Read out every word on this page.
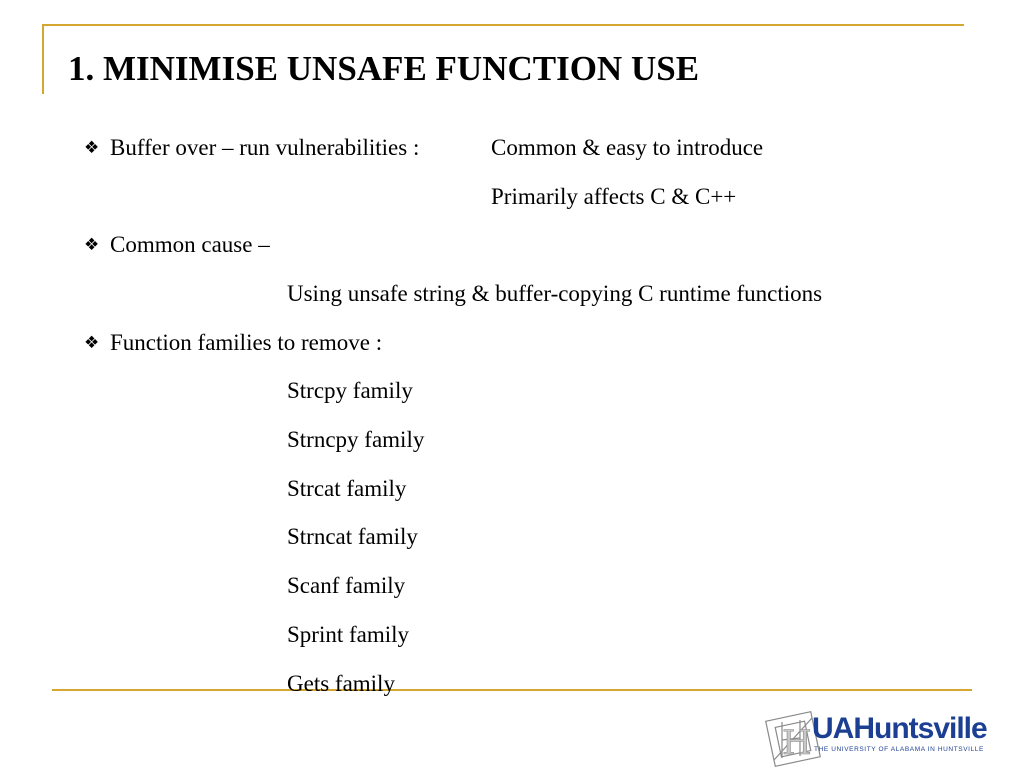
1. MINIMISE UNSAFE FUNCTION USE
❖ Buffer over – run vulnerabilities :	Common & easy to introduce
Primarily affects C & C++
❖ Common cause –
Using unsafe string & buffer-copying C runtime functions
❖ Function families to remove :
Strcpy family
Strncpy family
Strcat family
Strncat family
Scanf family
Sprint family
Gets family
H UAHuntsville
THE UNIVERSITY OF ALABAMA IN HUNTSVILLE
